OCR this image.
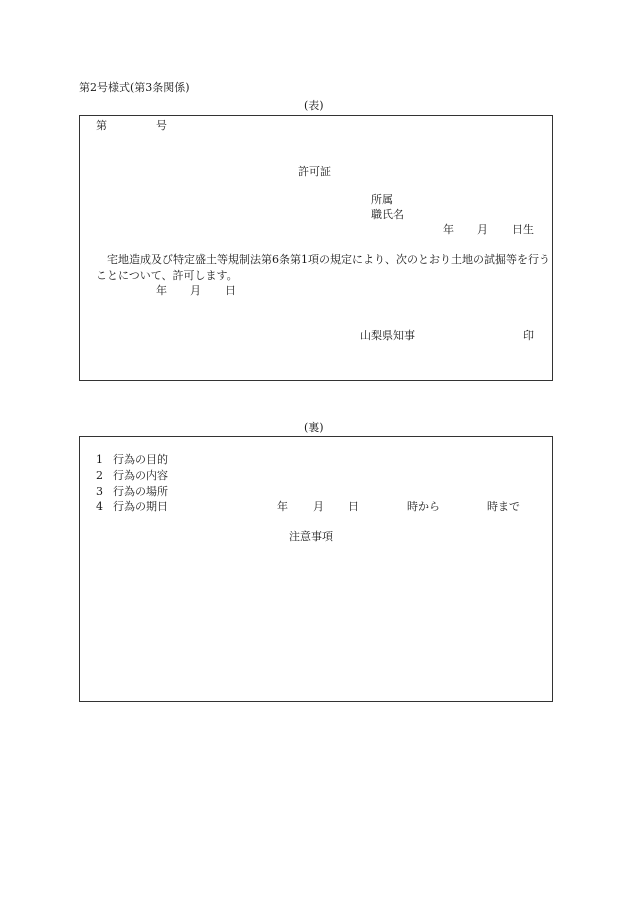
第2号様式(第3条関係)
(表)
第	号
許可証
所属
職氏名
年 月 日生
宅地造成及び特定盛土等規制法第6条第1項の規定により、次のとおり土地の試掘等を行うことについて、許可します。
年 月 日
山梨県知事	印
(裏)
1 行為の目的
2 行為の内容
3 行為の場所
4 行為の期日	年 月 日	時から	時まで
注意事項
